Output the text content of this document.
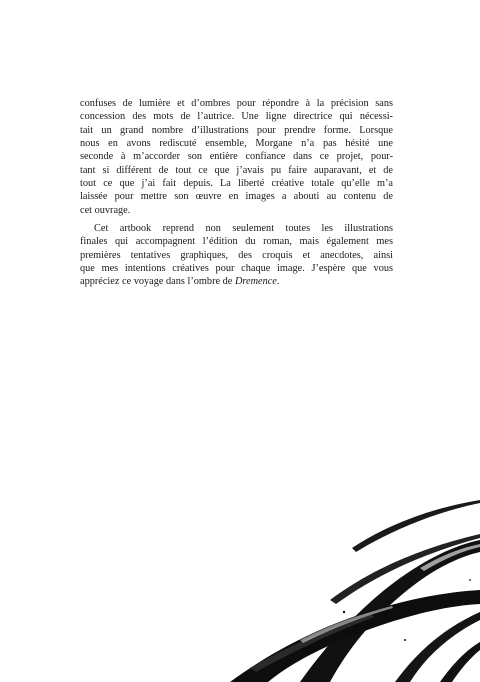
confuses de lumière et d’ombres pour répondre à la précision sans
concession des mots de l’autrice. Une ligne directrice qui nécessi-
tait un grand nombre d’illustrations pour prendre forme. Lorsque
nous en avons rediscuté ensemble, Morgane n’a pas hésité une
seconde à m’accorder son entière confiance dans ce projet, pour-
tant si différent de tout ce que j’avais pu faire auparavant, et de
tout ce que j’ai fait depuis. La liberté créative totale qu’elle m’a
laissée pour mettre son œuvre en images a abouti au contenu de
cet ouvrage.

Cet artbook reprend non seulement toutes les illustrations
finales qui accompagnent l’édition du roman, mais également mes
premières tentatives graphiques, des croquis et anecdotes, ainsi
que mes intentions créatives pour chaque image. J’espère que vous
appréciez ce voyage dans l’ombre de Dremence.
